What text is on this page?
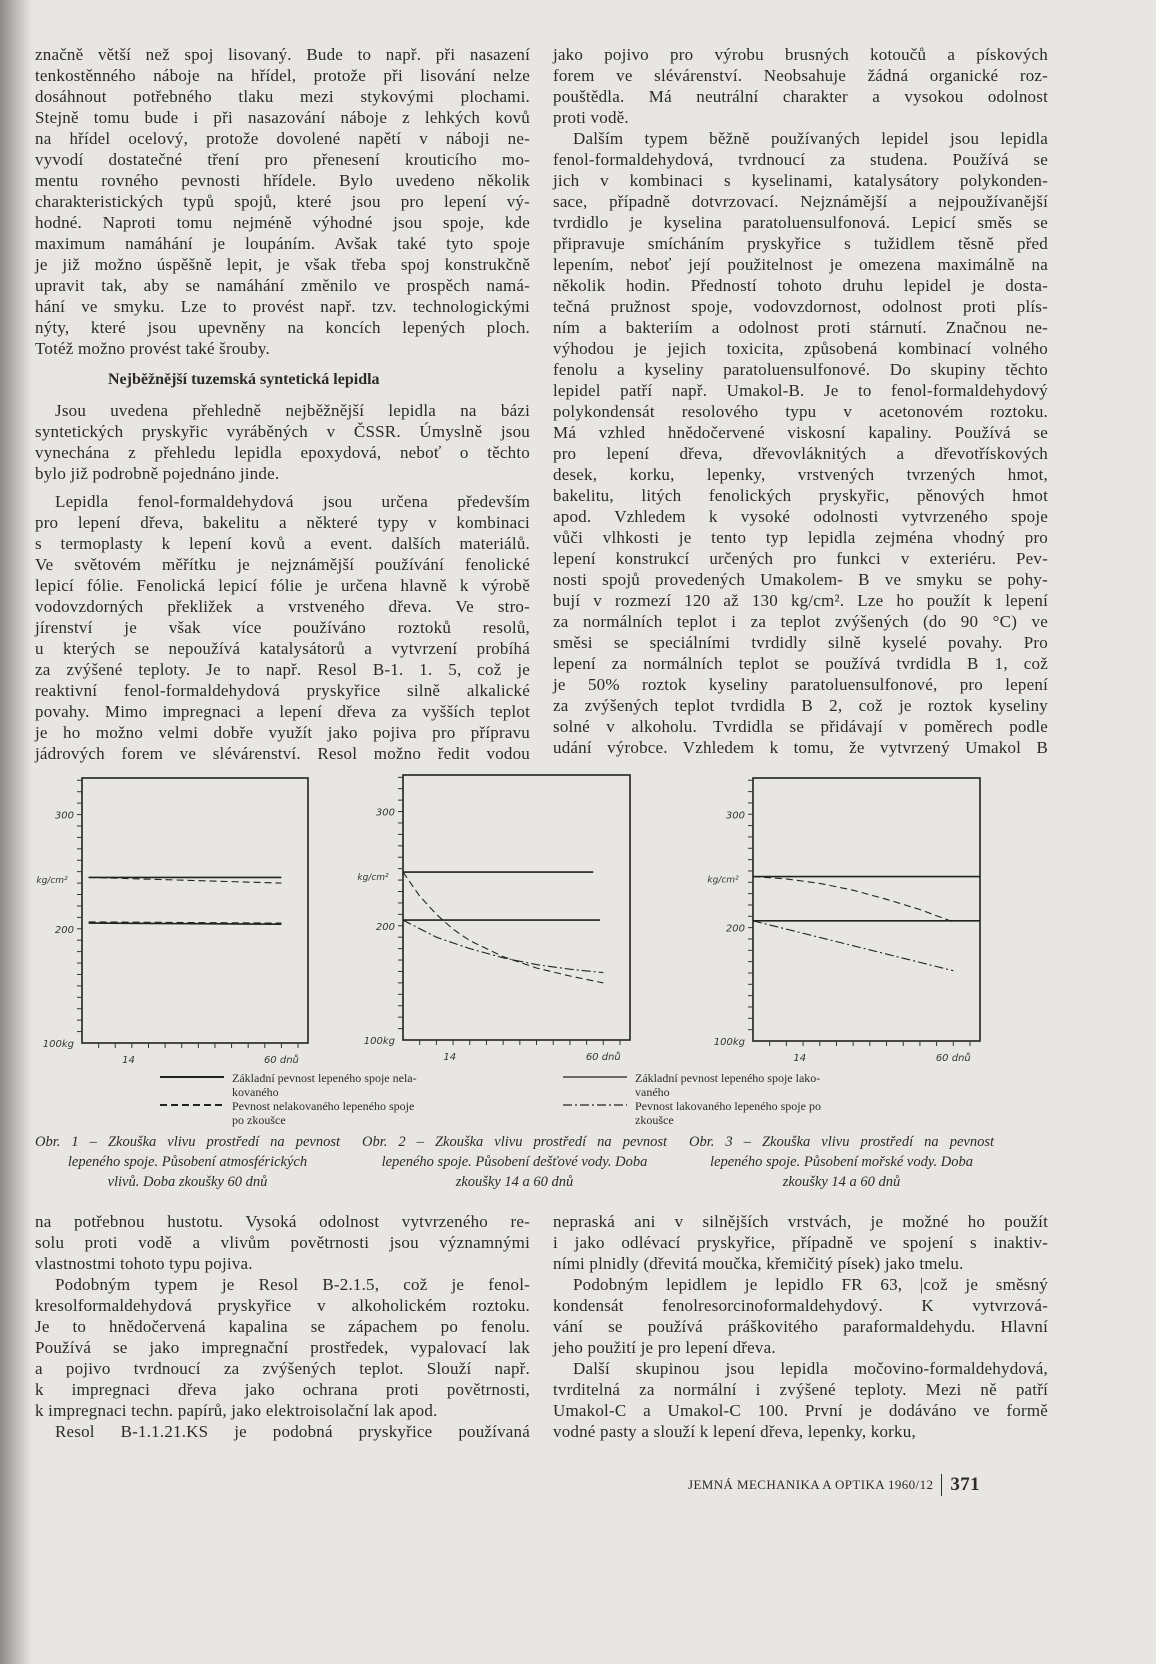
značně větší než spoj lisovaný. Bude to např. při nasazení
tenkostěnného náboje na hřídel, protože při lisování nelze
dosáhnout potřebného tlaku mezi stykovými plochami.
Stejně tomu bude i při nasazování náboje z lehkých kovů
na hřídel ocelový, protože dovolené napětí v náboji ne-
vyvodí dostatečné tření pro přenesení krouticího mo-
mentu rovného pevnosti hřídele. Bylo uvedeno několik
charakteristických typů spojů, které jsou pro lepení vý-
hodné. Naproti tomu nejméně výhodné jsou spoje, kde
maximum namáhání je loupáním. Avšak také tyto spoje
je již možno úspěšně lepit, je však třeba spoj konstrukčně
upravit tak, aby se namáhání změnilo ve prospěch namá-
hání ve smyku. Lze to provést např. tzv. technologickými
nýty, které jsou upevněny na koncích lepených ploch.
Totéž možno provést také šrouby.
Nejběžnější tuzemská syntetická lepidla
Jsou uvedena přehledně nejběžnější lepidla na bázi
syntetických pryskyřic vyráběných v ČSSR. Úmyslně jsou
vynechána z přehledu lepidla epoxydová, neboť o těchto
bylo již podrobně pojednáno jinde.
Lepidla fenol-formaldehydová jsou určena především
pro lepení dřeva, bakelitu a některé typy v kombinaci
s termoplasty k lepení kovů a event. dalších materiálů.
Ve světovém měřítku je nejznámější používání fenolické
lepicí fólie. Fenolická lepicí fólie je určena hlavně k výrobě
vodovzdorných překližek a vrstveného dřeva. Ve stro-
jírenství je však více používáno roztoků resolů,
u kterých se nepoužívá katalysátorů a vytvrzení probíhá
za zvýšené teploty. Je to např. Resol B-1. 1. 5, což je
reaktivní fenol-formaldehydová pryskyřice silně alkalické
povahy. Mimo impregnaci a lepení dřeva za vyšších teplot
je ho možno velmi dobře využít jako pojiva pro přípravu
jádrových forem ve slévárenství. Resol možno ředit vodou
jako pojivo pro výrobu brusných kotoučů a pískových
forem ve slévárenství. Neobsahuje žádná organické roz-
pouštědla. Má neutrální charakter a vysokou odolnost
proti vodě.
Dalším typem běžně používaných lepidel jsou lepidla
fenol-formaldehydová, tvrdnoucí za studena. Používá se
jich v kombinaci s kyselinami, katalysátory polykonden-
sace, případně dotvrzovací. Nejznámější a nejpoužívanější
tvrdidlo je kyselina paratoluensulfonová. Lepicí směs se
připravuje smícháním pryskyřice s tužidlem těsně před
lepením, neboť její použitelnost je omezena maximálně na
několik hodin. Předností tohoto druhu lepidel je dosta-
tečná pružnost spoje, vodovzdornost, odolnost proti plís-
ním a bakteriím a odolnost proti stárnutí. Značnou ne-
výhodou je jejich toxicita, způsobená kombinací volného
fenolu a kyseliny paratoluensulfonové. Do skupiny těchto
lepidel patří např. Umakol-B. Je to fenol-formaldehydový
polykondensát resolového typu v acetonovém roztoku.
Má vzhled hnědočervené viskosní kapaliny. Používá se
pro lepení dřeva, dřevovláknitých a dřevotřískových
desek, korku, lepenky, vrstvených tvrzených hmot,
bakelitu, litých fenolických pryskyřic, pěnových hmot
apod. Vzhledem k vysoké odolnosti vytvrzeného spoje
vůči vlhkosti je tento typ lepidla zejména vhodný pro
lepení konstrukcí určených pro funkci v exteriéru. Pev-
nosti spojů provedených Umakolem- B ve smyku se pohy-
bují v rozmezí 120 až 130 kg/cm². Lze ho použít k lepení
za normálních teplot i za teplot zvýšených (do 90 °C) ve
směsi se speciálními tvrdidly silně kyselé povahy. Pro
lepení za normálních teplot se používá tvrdidla B 1, což
je 50% roztok kyseliny paratoluensulfonové, pro lepení
za zvýšených teplot tvrdidla B 2, což je roztok kyseliny
solné v alkoholu. Tvrdidla se přidávají v poměrech podle
udání výrobce. Vzhledem k tomu, že vytvrzený Umakol B
300
200
100kg
kg/cm²
14	60 dnů
300
200
100kg
kg/cm²
14	60 dnů
300
200
100kg
kg/cm²
14	60 dnů
Základní pevnost lepeného spoje nela-
kovaného
Pevnost nelakovaného lepeného spoje
po zkoušce
Základní pevnost lepeného spoje lako-
vaného
Pevnost lakovaného lepeného spoje po
zkoušce
Obr. 1 – Zkouška vlivu prostředí na pevnost
lepeného spoje. Působení atmosférických
vlivů. Doba zkoušky 60 dnů
Obr. 2 – Zkouška vlivu prostředí na pevnost
lepeného spoje. Působení dešťové vody. Doba
zkoušky 14 a 60 dnů
Obr. 3 – Zkouška vlivu prostředí na pevnost
lepeného spoje. Působení mořské vody. Doba
zkoušky 14 a 60 dnů
na potřebnou hustotu. Vysoká odolnost vytvrzeného re-
solu proti vodě a vlivům povětrnosti jsou významnými
vlastnostmi tohoto typu pojiva.
Podobným typem je Resol B-2.1.5, což je fenol-
kresolformaldehydová pryskyřice v alkoholickém roztoku.
Je to hnědočervená kapalina se zápachem po fenolu.
Používá se jako impregnační prostředek, vypalovací lak
a pojivo tvrdnoucí za zvýšených teplot. Slouží např.
k impregnaci dřeva jako ochrana proti povětrnosti,
k impregnaci techn. papírů, jako elektroisolační lak apod.
Resol B-1.1.21.KS je podobná pryskyřice používaná
nepraská ani v silnějších vrstvách, je možné ho použít
i jako odlévací pryskyřice, případně ve spojení s inaktiv-
ními plnidly (dřevitá moučka, křemičitý písek) jako tmelu.
Podobným lepidlem je lepidlo FR 63, |což je směsný
kondensát fenolresorcinoformaldehydový. K vytvrzová-
vání se používá práškovitého paraformaldehydu. Hlavní
jeho použití je pro lepení dřeva.
Další skupinou jsou lepidla močovino-formaldehydová,
tvrditelná za normální i zvýšené teploty. Mezi ně patří
Umakol-C a Umakol-C 100. První je dodáváno ve formě
vodné pasty a slouží k lepení dřeva, lepenky, korku,
JEMNÁ MECHANIKA A OPTIKA 1960/12 371
